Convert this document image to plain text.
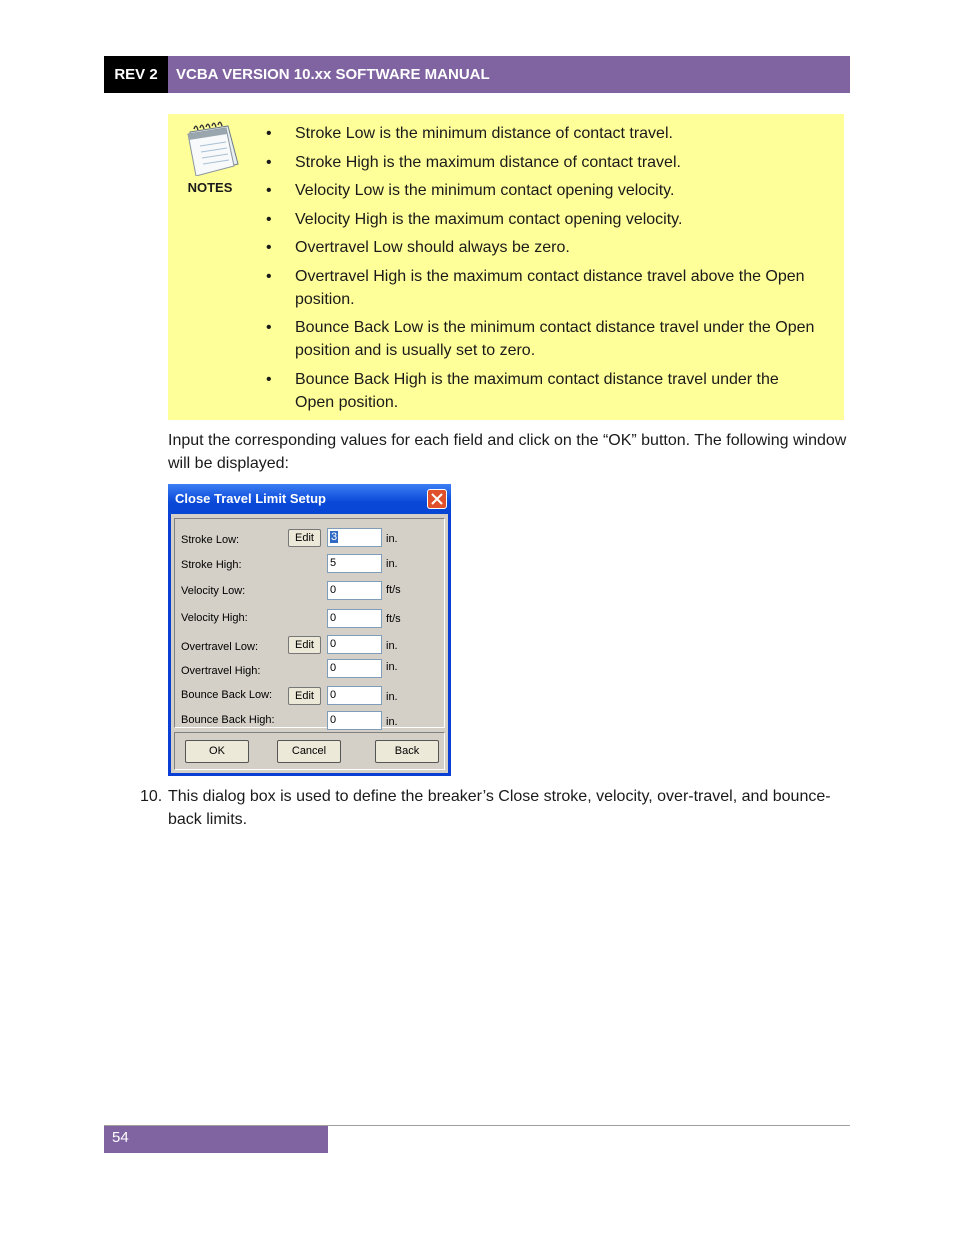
REV 2	VCBA VERSION 10.xx SOFTWARE MANUAL
NOTES
• Stroke Low is the minimum distance of contact travel.
• Stroke High is the maximum distance of contact travel.
• Velocity Low is the minimum contact opening velocity.
• Velocity High is the maximum contact opening velocity.
• Overtravel Low should always be zero.
• Overtravel High is the maximum contact distance travel above the Open position.
• Bounce Back Low is the minimum contact distance travel under the Open position and is usually set to zero.
• Bounce Back High is the maximum contact distance travel under the Open position.

Input the corresponding values for each field and click on the “OK” button. The following window will be displayed:

Close Travel Limit Setup
Stroke Low:	Edit	3	in.
Stroke High:	5	in.
Velocity Low:	0	ft/s
Velocity High:	0	ft/s
Overtravel Low:	Edit	0	in.
Overtravel High:	0	in.
Bounce Back Low:	Edit	0	in.
Bounce Back High:	0	in.
OK	Cancel	Back
10. This dialog box is used to define the breaker’s Close stroke, velocity, over-travel, and bounce-back limits.

54
